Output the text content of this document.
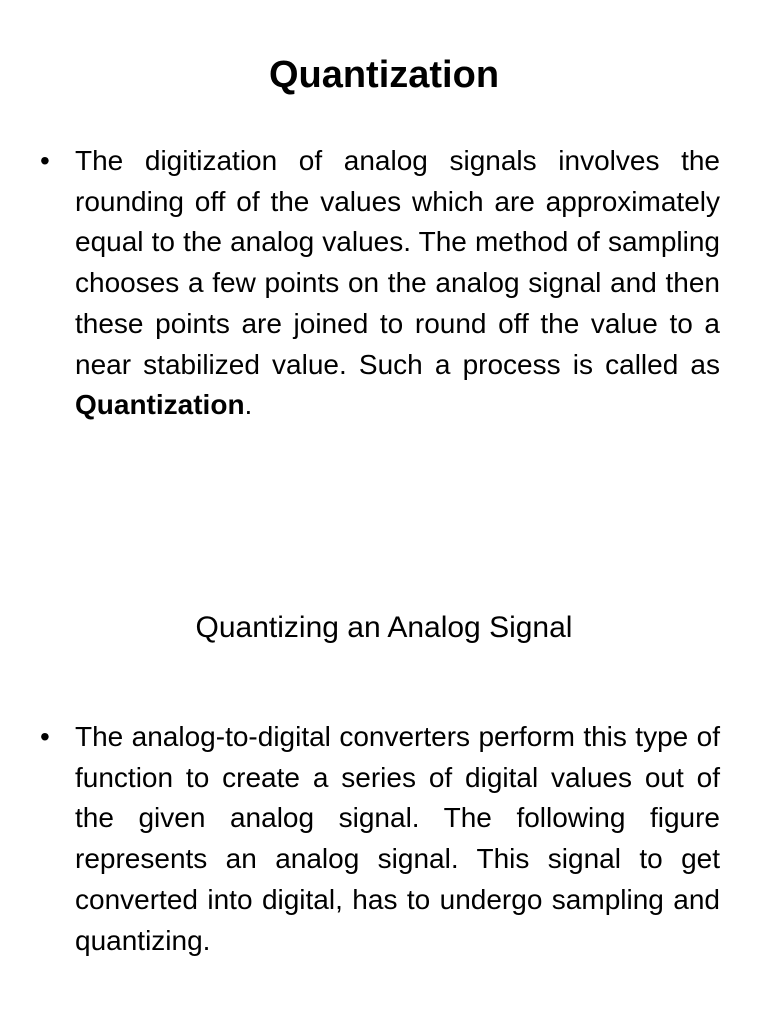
Quantization
• The digitization of analog signals involves the rounding off of the values which are approximately equal to the analog values. The method of sampling chooses a few points on the analog signal and then these points are joined to round off the value to a near stabilized value. Such a process is called as Quantization.

Quantizing an Analog Signal
• The analog-to-digital converters perform this type of function to create a series of digital values out of the given analog signal. The following figure represents an analog signal. This signal to get converted into digital, has to undergo sampling and quantizing.
